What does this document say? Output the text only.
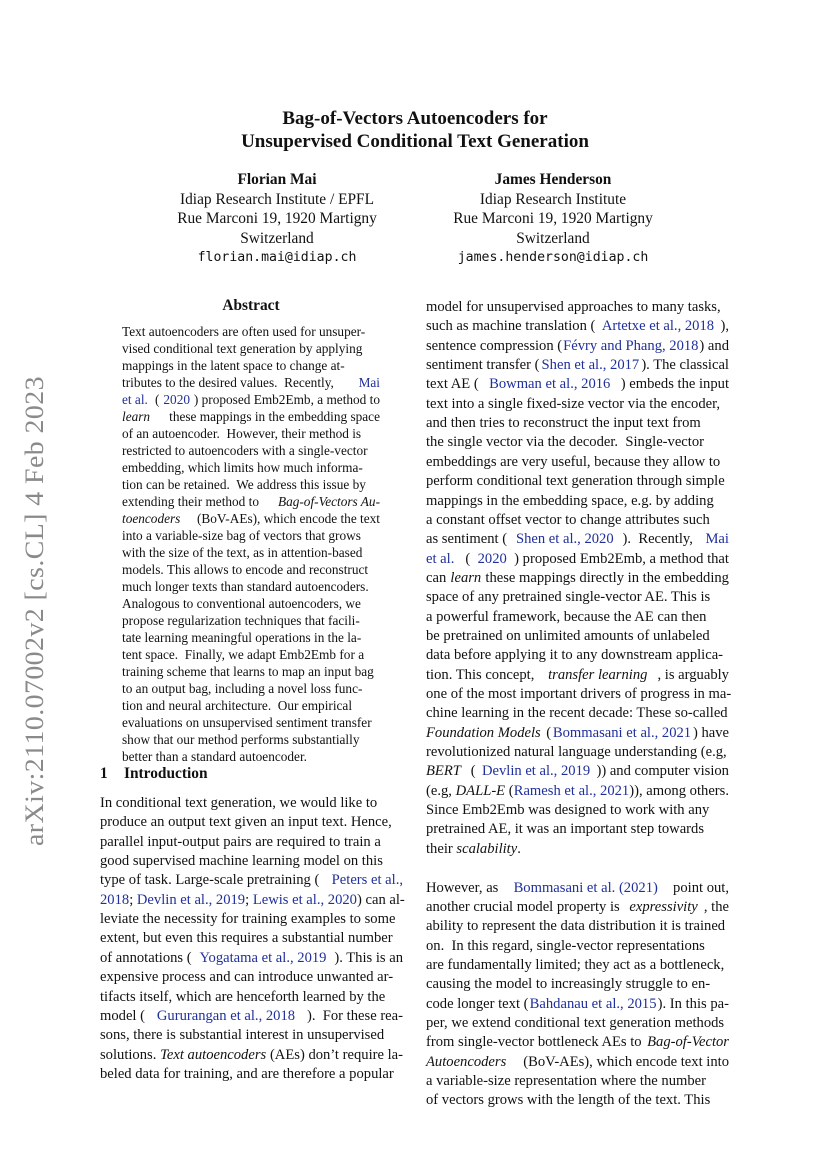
arXiv:2110.07002v2 [cs.CL] 4 Feb 2023
Bag-of-Vectors Autoencoders for
Unsupervised Conditional Text Generation
Florian Mai
Idiap Research Institute / EPFL
Rue Marconi 19, 1920 Martigny
Switzerland
florian.mai@idiap.ch
James Henderson
Idiap Research Institute
Rue Marconi 19, 1920 Martigny
Switzerland
james.henderson@idiap.ch
Abstract
Text autoencoders are often used for unsuper-
vised conditional text generation by applying
mappings in the latent space to change at-
tributes to the desired values.  Recently, Mai
et al. ( 2020 ) proposed Emb2Emb, a method to
learn these mappings in the embedding space
of an autoencoder.  However, their method is
restricted to autoencoders with a single-vector
embedding, which limits how much informa-
tion can be retained.  We address this issue by
extending their method to Bag-of-Vectors Au-
toencoders (BoV-AEs), which encode the text
into a variable-size bag of vectors that grows
with the size of the text, as in attention-based
models. This allows to encode and reconstruct
much longer texts than standard autoencoders.
Analogous to conventional autoencoders, we
propose regularization techniques that facili-
tate learning meaningful operations in the la-
tent space.  Finally, we adapt Emb2Emb for a
training scheme that learns to map an input bag
to an output bag, including a novel loss func-
tion and neural architecture.  Our empirical
evaluations on unsupervised sentiment transfer
show that our method performs substantially
better than a standard autoencoder.
1 Introduction
In conditional text generation, we would like to
produce an output text given an input text. Hence,
parallel input-output pairs are required to train a
good supervised machine learning model on this
type of task. Large-scale pretraining ( Peters et al.,
2018 ; Devlin et al., 2019 ; Lewis et al., 2020 ) can al-
leviate the necessity for training examples to some
extent, but even this requires a substantial number
of annotations ( Yogatama et al., 2019 ). This is an
expensive process and can introduce unwanted ar-
tifacts itself, which are henceforth learned by the
model ( Gururangan et al., 2018 ).  For these rea-
sons, there is substantial interest in unsupervised
solutions. Text autoencoders (AEs) don’t require la-
beled data for training, and are therefore a popular
model for unsupervised approaches to many tasks,
such as machine translation ( Artetxe et al., 2018 ),
sentence compression ( Févry and Phang, 2018 ) and
sentiment transfer ( Shen et al., 2017 ). The classical
text AE ( Bowman et al., 2016 ) embeds the input
text into a single fixed-size vector via the encoder,
and then tries to reconstruct the input text from
the single vector via the decoder.  Single-vector
embeddings are very useful, because they allow to
perform conditional text generation through simple
mappings in the embedding space, e.g. by adding
a constant offset vector to change attributes such
as sentiment ( Shen et al., 2020 ).  Recently, Mai
et al. ( 2020 ) proposed Emb2Emb, a method that
can learn these mappings directly in the embedding
space of any pretrained single-vector AE. This is
a powerful framework, because the AE can then
be pretrained on unlimited amounts of unlabeled
data before applying it to any downstream applica-
tion. This concept, transfer learning , is arguably
one of the most important drivers of progress in ma-
chine learning in the recent decade: These so-called
Foundation Models ( Bommasani et al., 2021 ) have
revolutionized natural language understanding (e.g,
BERT ( Devlin et al., 2019 )) and computer vision
(e.g, DALL-E ( Ramesh et al., 2021 )), among others.
Since Emb2Emb was designed to work with any
pretrained AE, it was an important step towards
their scalability .
However, as Bommasani et al. (2021) point out,
another crucial model property is expressivity , the
ability to represent the data distribution it is trained
on.  In this regard, single-vector representations
are fundamentally limited; they act as a bottleneck,
causing the model to increasingly struggle to en-
code longer text ( Bahdanau et al., 2015 ). In this pa-
per, we extend conditional text generation methods
from single-vector bottleneck AEs to Bag-of-Vector
Autoencoders (BoV-AEs), which encode text into
a variable-size representation where the number
of vectors grows with the length of the text. This
